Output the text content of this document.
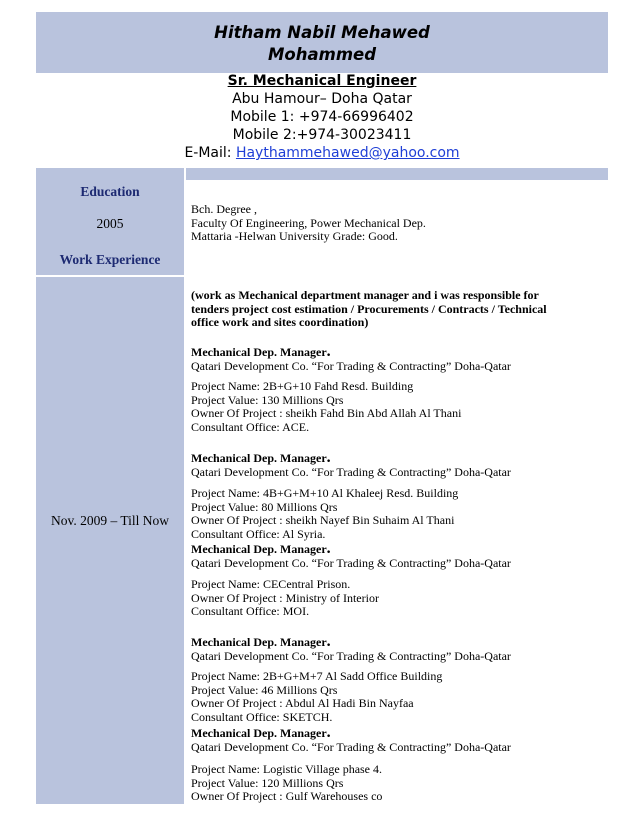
Hitham Nabil Mehawed
Mohammed
Sr. Mechanical Engineer
Abu Hamour– Doha Qatar
Mobile 1: +974-66996402
Mobile 2:+974-30023411
E-Mail: Haythammehawed@yahoo.com
Education
2005
Work Experience
Nov. 2009 – Till Now
Bch. Degree ,
Faculty Of Engineering, Power Mechanical Dep.
Mattaria -Helwan University Grade: Good.
(work as Mechanical department manager and i was responsible for
tenders project cost estimation / Procurements / Contracts / Technical
office work and sites coordination)
Mechanical Dep. Manager.
Qatari Development Co. “For Trading & Contracting” Doha-Qatar
Project Name: 2B+G+10 Fahd Resd. Building
Project Value: 130 Millions Qrs
Owner Of Project : sheikh Fahd Bin Abd Allah Al Thani
Consultant Office: ACE.
Mechanical Dep. Manager.
Qatari Development Co. “For Trading & Contracting” Doha-Qatar
Project Name: 4B+G+M+10 Al Khaleej Resd. Building
Project Value: 80 Millions Qrs
Owner Of Project : sheikh Nayef Bin Suhaim Al Thani
Consultant Office: Al Syria.
Mechanical Dep. Manager.
Qatari Development Co. “For Trading & Contracting” Doha-Qatar
Project Name: CECentral Prison.
Owner Of Project : Ministry of Interior
Consultant Office: MOI.
Mechanical Dep. Manager.
Qatari Development Co. “For Trading & Contracting” Doha-Qatar
Project Name: 2B+G+M+7 Al Sadd Office Building
Project Value: 46 Millions Qrs
Owner Of Project : Abdul Al Hadi Bin Nayfaa
Consultant Office: SKETCH.
Mechanical Dep. Manager.
Qatari Development Co. “For Trading & Contracting” Doha-Qatar
Project Name: Logistic Village phase 4.
Project Value: 120 Millions Qrs
Owner Of Project : Gulf Warehouses co
